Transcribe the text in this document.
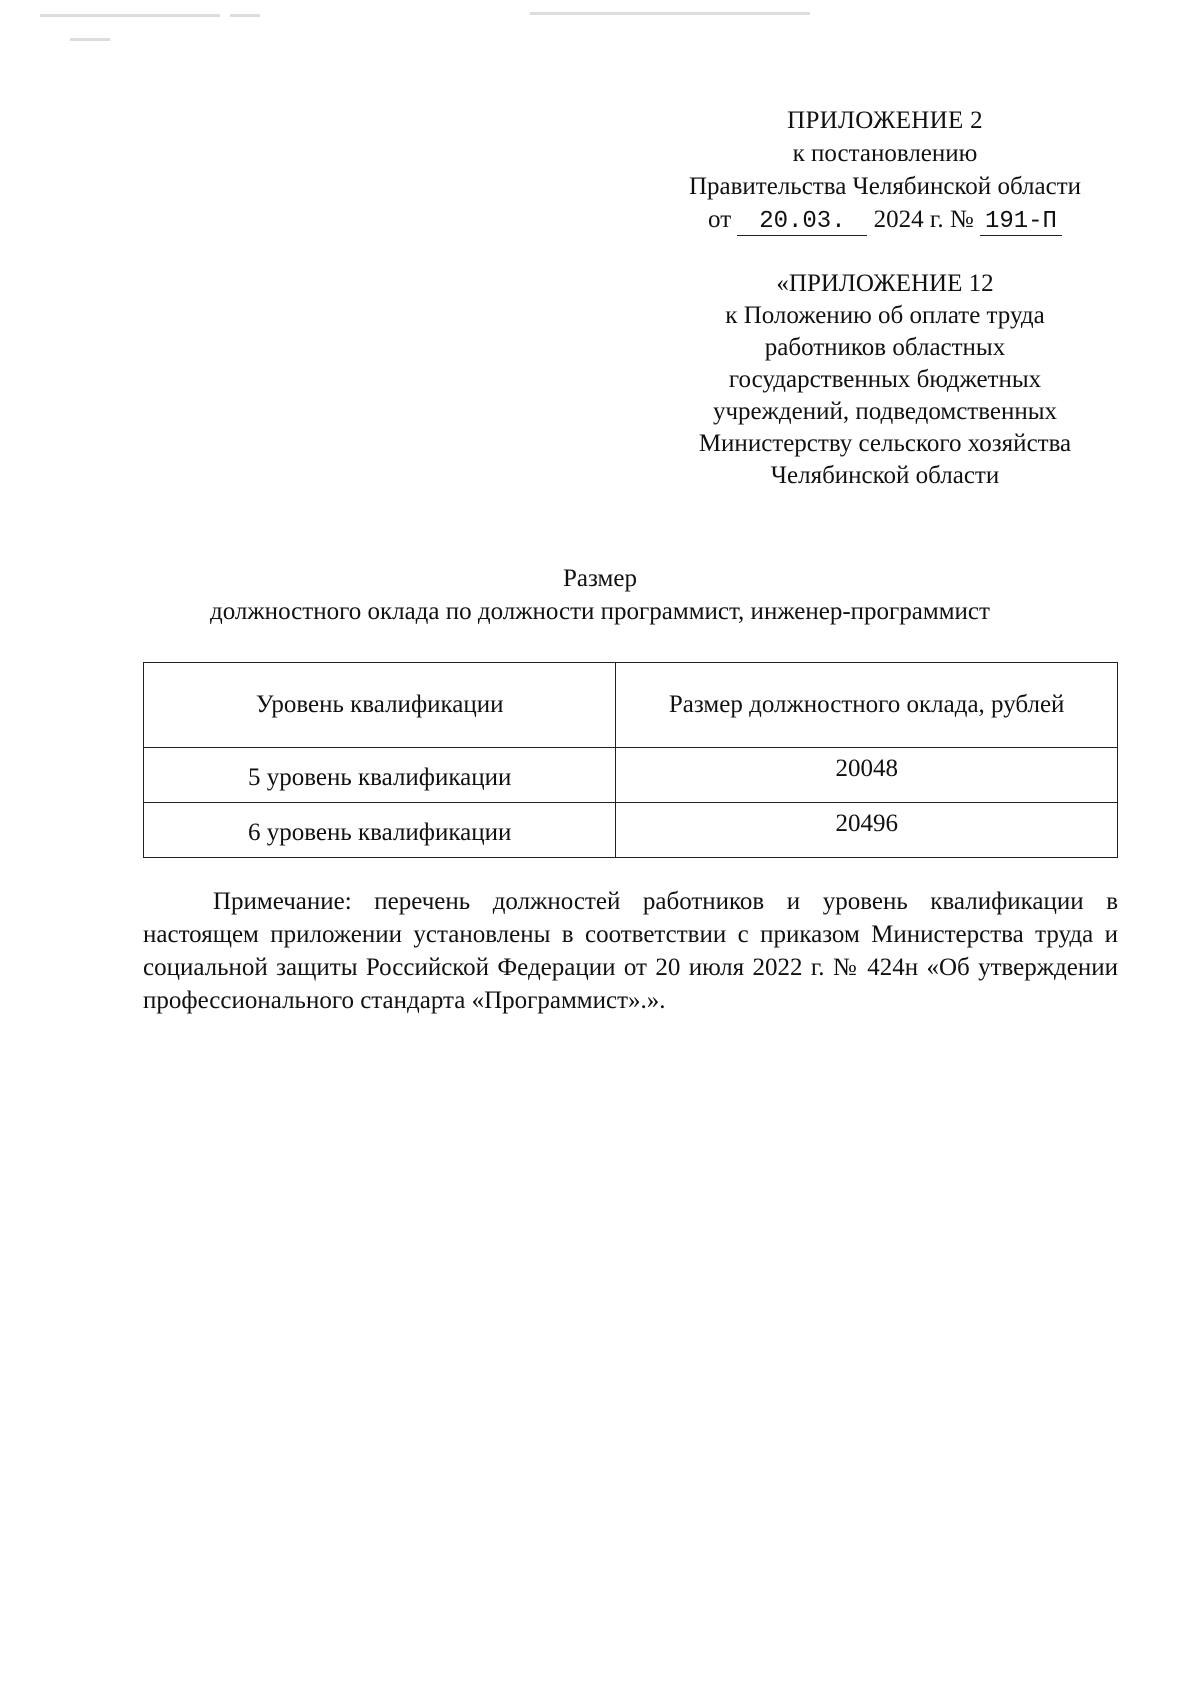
ПРИЛОЖЕНИЕ 2
к постановлению
Правительства Челябинской области
от 20.03. 2024 г. № 191-П
«ПРИЛОЖЕНИЕ 12
к Положению об оплате труда
работников областных
государственных бюджетных
учреждений, подведомственных
Министерству сельского хозяйства
Челябинской области
Размер
должностного оклада по должности программист, инженер-программист
Уровень квалификации	Размер должностного оклада, рублей
5 уровень квалификации	20048
6 уровень квалификации	20496
Примечание: перечень должностей работников и уровень квалификации в настоящем приложении установлены в соответствии с приказом Министерства труда и социальной защиты Российской Федерации от 20 июля 2022 г. № 424н «Об утверждении профессионального стандарта «Программист».».
